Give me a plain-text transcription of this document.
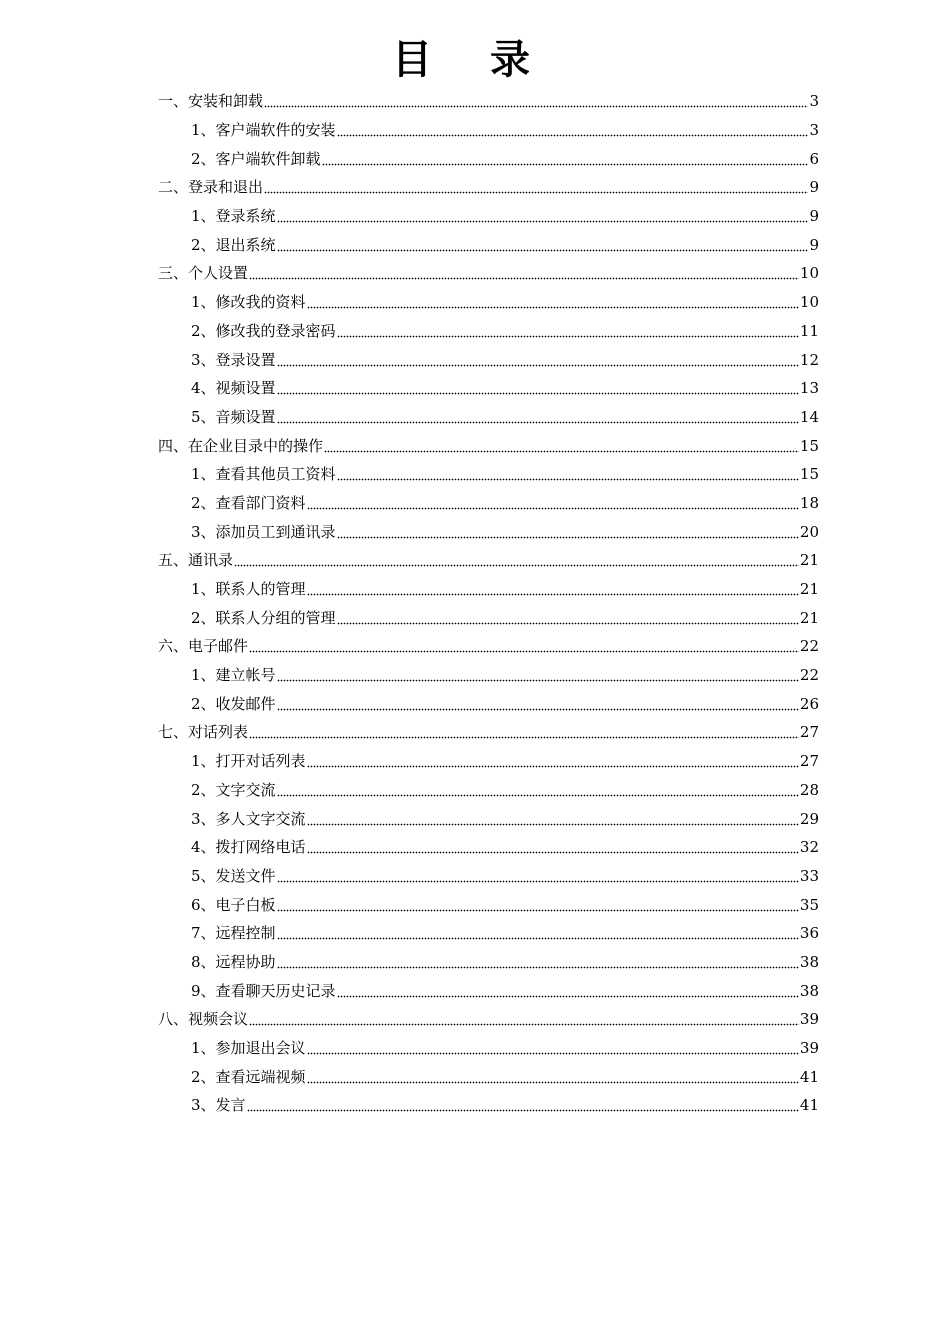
目录
一、安装和卸载	3
1、客户端软件的安装	3
2、客户端软件卸载	6
二、登录和退出	9
1、登录系统	9
2、退出系统	9
三、个人设置	10
1、修改我的资料	10
2、修改我的登录密码	11
3、登录设置	12
4、视频设置	13
5、音频设置	14
四、在企业目录中的操作	15
1、查看其他员工资料	15
2、查看部门资料	18
3、添加员工到通讯录	20
五、通讯录	21
1、联系人的管理	21
2、联系人分组的管理	21
六、电子邮件	22
1、建立帐号	22
2、收发邮件	26
七、对话列表	27
1、打开对话列表	27
2、文字交流	28
3、多人文字交流	29
4、拨打网络电话	32
5、发送文件	33
6、电子白板	35
7、远程控制	36
8、远程协助	38
9、查看聊天历史记录	38
八、视频会议	39
1、参加退出会议	39
2、查看远端视频	41
3、发言	41
